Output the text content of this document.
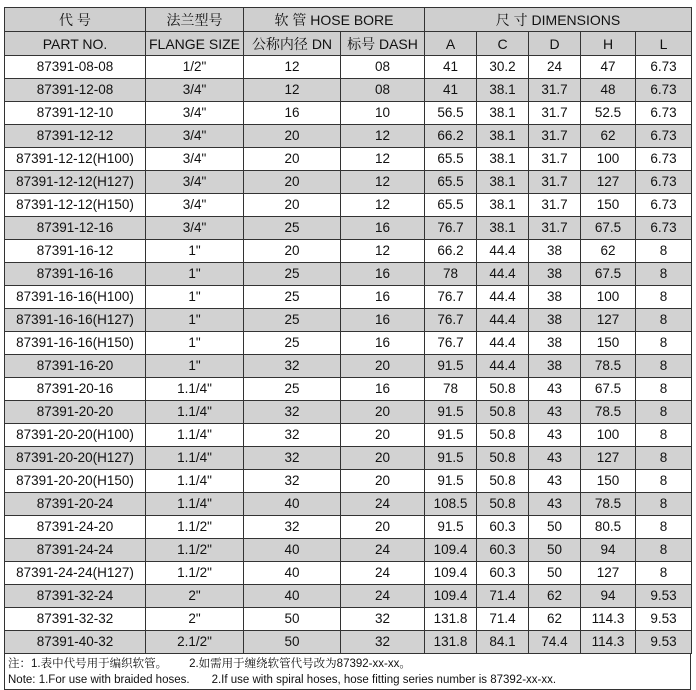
代 号	法兰型号	软 管 HOSE BORE		尺 寸 DIMENSIONS				
PART NO.	FLANGE SIZE	公称内径 DN	标号 DASH	A	C	D	H	L
87391-08-08	1/2"	12	08	41	30.2	24	47	6.73
87391-12-08	3/4"	12	08	41	38.1	31.7	48	6.73
87391-12-10	3/4"	16	10	56.5	38.1	31.7	52.5	6.73
87391-12-12	3/4"	20	12	66.2	38.1	31.7	62	6.73
87391-12-12(H100)	3/4"	20	12	65.5	38.1	31.7	100	6.73
87391-12-12(H127)	3/4"	20	12	65.5	38.1	31.7	127	6.73
87391-12-12(H150)	3/4"	20	12	65.5	38.1	31.7	150	6.73
87391-12-16	3/4"	25	16	76.7	38.1	31.7	67.5	6.73
87391-16-12	1"	20	12	66.2	44.4	38	62	8
87391-16-16	1"	25	16	78	44.4	38	67.5	8
87391-16-16(H100)	1"	25	16	76.7	44.4	38	100	8
87391-16-16(H127)	1"	25	16	76.7	44.4	38	127	8
87391-16-16(H150)	1"	25	16	76.7	44.4	38	150	8
87391-16-20	1"	32	20	91.5	44.4	38	78.5	8
87391-20-16	1.1/4"	25	16	78	50.8	43	67.5	8
87391-20-20	1.1/4"	32	20	91.5	50.8	43	78.5	8
87391-20-20(H100)	1.1/4"	32	20	91.5	50.8	43	100	8
87391-20-20(H127)	1.1/4"	32	20	91.5	50.8	43	127	8
87391-20-20(H150)	1.1/4"	32	20	91.5	50.8	43	150	8
87391-20-24	1.1/4"	40	24	108.5	50.8	43	78.5	8
87391-24-20	1.1/2"	32	20	91.5	60.3	50	80.5	8
87391-24-24	1.1/2"	40	24	109.4	60.3	50	94	8
87391-24-24(H127)	1.1/2"	40	24	109.4	60.3	50	127	8
87391-32-24	2"	40	24	109.4	71.4	62	94	9.53
87391-32-32	2"	50	32	131.8	71.4	62	114.3	9.53
87391-40-32	2.1/2"	50	32	131.8	84.1	74.4	114.3	9.53
注：1.表中代号用于编织软管。 2.如需用于缠绕软管代号改为87392-xx-xx。
Note: 1.For use with braided hoses. 2.If use with spiral hoses, hose fitting series number is 87392-xx-xx.
